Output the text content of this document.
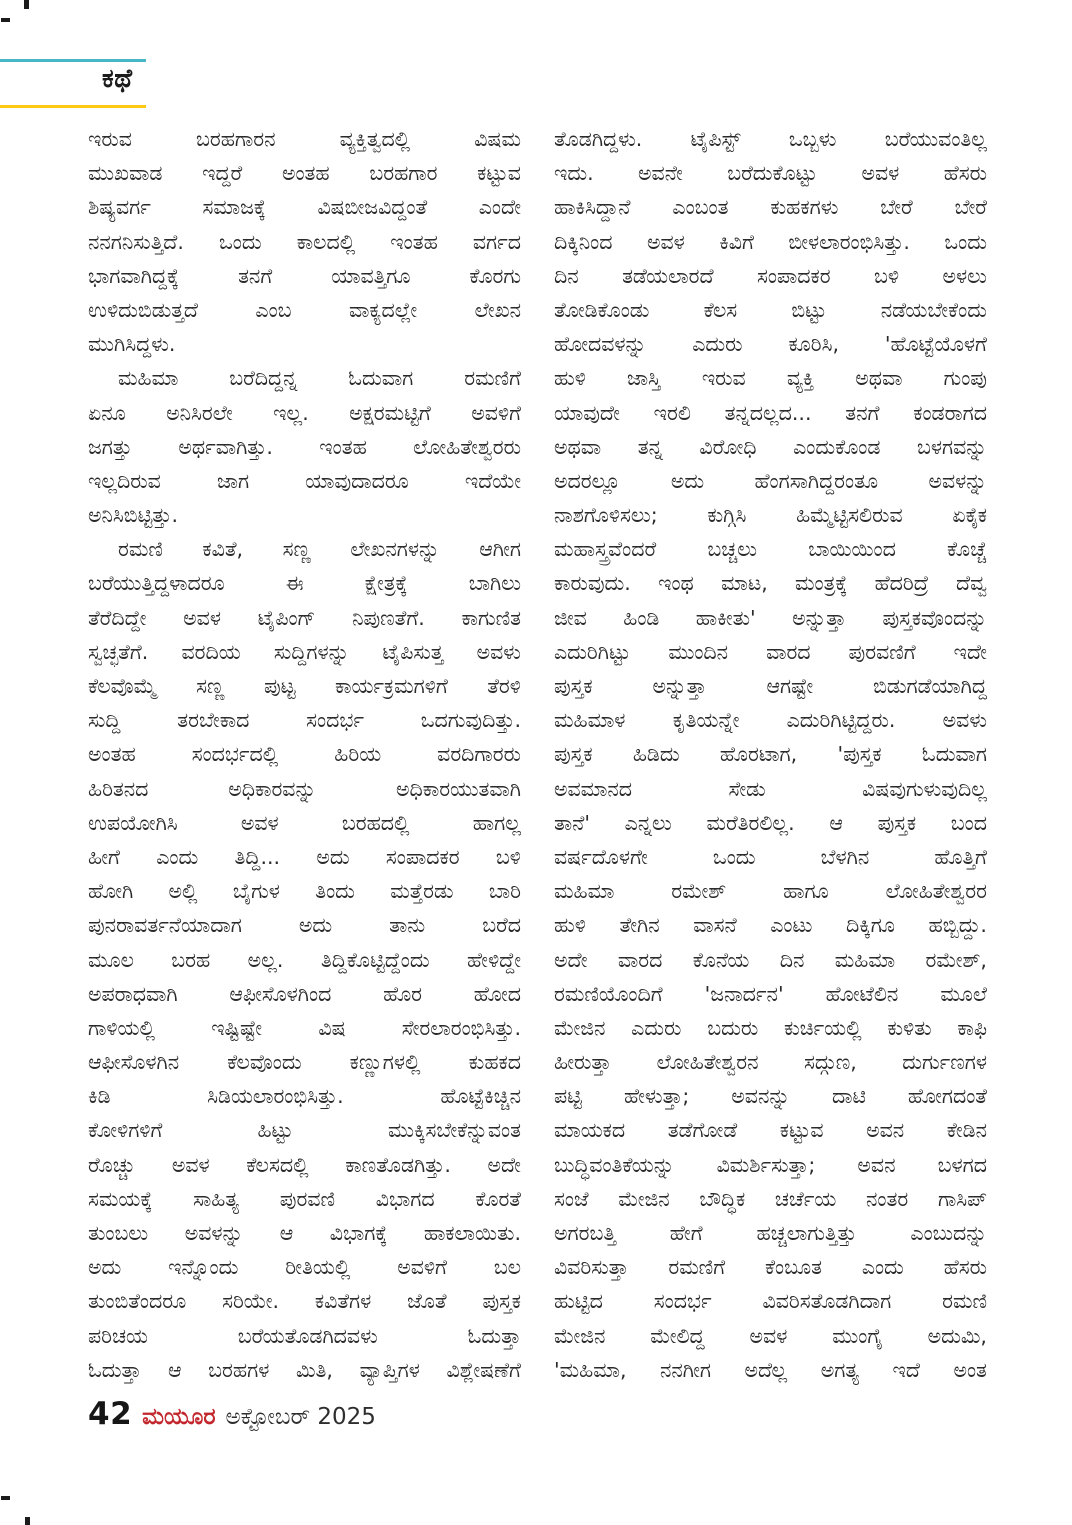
ಕಥೆ
ಇರುವ	ಬರಹಗಾರನ	ವ್ಯಕ್ತಿತ್ವದಲ್ಲಿ	ವಿಷಮ
ಮುಖವಾಡ ಇದ್ದರೆ ಅಂತಹ ಬರಹಗಾರ ಕಟ್ಟುವ
ಶಿಷ್ಯವರ್ಗ	ಸಮಾಜಕ್ಕೆ	ವಿಷಬೀಜವಿದ್ದಂತೆ	ಎಂದೇ
ನನಗನಿಸುತ್ತಿದೆ. ಒಂದು ಕಾಲದಲ್ಲಿ ಇಂತಹ ವರ್ಗದ
ಭಾಗವಾಗಿದ್ದಕ್ಕೆ	ತನಗೆ	ಯಾವತ್ತಿಗೂ	ಕೊರಗು
ಉಳಿದುಬಿಡುತ್ತದೆ	ಎಂಬ	ವಾಕ್ಯದಲ್ಲೇ	ಲೇಖನ
ಮುಗಿಸಿದ್ದಳು.
ಮಹಿಮಾ ಬರೆದಿದ್ದನ್ನ ಓದುವಾಗ ರಮಣಿಗೆ
ಏನೂ ಅನಿಸಿರಲೇ ಇಲ್ಲ. ಅಕ್ಷರಮಟ್ಟಿಗೆ ಅವಳಿಗೆ
ಜಗತ್ತು ಅರ್ಥವಾಗಿತ್ತು. ಇಂತಹ ಲೋಹಿತೇಶ್ವರರು
ಇಲ್ಲದಿರುವ	ಜಾಗ	ಯಾವುದಾದರೂ	ಇದೆಯೇ
ಅನಿಸಿಬಿಟ್ಟಿತ್ತು.
ರಮಣಿ ಕವಿತೆ, ಸಣ್ಣ ಲೇಖನಗಳನ್ನು ಆಗೀಗ
ಬರೆಯುತ್ತಿದ್ದಳಾದರೂ	ಈ	ಕ್ಷೇತ್ರಕ್ಕೆ	ಬಾಗಿಲು
ತೆರೆದಿದ್ದೇ ಅವಳ ಟೈಪಿಂಗ್ ನಿಪುಣತೆಗೆ. ಕಾಗುಣಿತ
ಸ್ವಚ್ಛತೆಗೆ. ವರದಿಯ ಸುದ್ದಿಗಳನ್ನು ಟೈಪಿಸುತ್ತ ಅವಳು
ಕೆಲವೊಮ್ಮೆ ಸಣ್ಣ ಪುಟ್ಟ ಕಾರ್ಯಕ್ರಮಗಳಿಗೆ ತೆರಳಿ
ಸುದ್ದಿ	ತರಬೇಕಾದ	ಸಂದರ್ಭ	ಒದಗುವುದಿತ್ತು.
ಅಂತಹ	ಸಂದರ್ಭದಲ್ಲಿ	ಹಿರಿಯ	ವರದಿಗಾರರು
ಹಿರಿತನದ	ಅಧಿಕಾರವನ್ನು	ಅಧಿಕಾರಯುತವಾಗಿ
ಉಪಯೋಗಿಸಿ	ಅವಳ	ಬರಹದಲ್ಲಿ	ಹಾಗಲ್ಲ
ಹೀಗೆ ಎಂದು ತಿದ್ದಿ... ಅದು ಸಂಪಾದಕರ ಬಳಿ
ಹೋಗಿ ಅಲ್ಲಿ ಬೈಗುಳ ತಿಂದು ಮತ್ತೆರಡು ಬಾರಿ
ಪುನರಾವರ್ತನೆಯಾದಾಗ	ಅದು	ತಾನು	ಬರೆದ
ಮೂಲ ಬರಹ ಅಲ್ಲ. ತಿದ್ದಿಕೊಟ್ಟಿದ್ದೆಂದು ಹೇಳಿದ್ದೇ
ಅಪರಾಧವಾಗಿ	ಆಫೀಸೊಳಗಿಂದ	ಹೊರ	ಹೋದ
ಗಾಳಿಯಲ್ಲಿ	ಇಷ್ಟಿಷ್ಟೇ	ವಿಷ	ಸೇರಲಾರಂಭಿಸಿತ್ತು.
ಆಫೀಸೊಳಗಿನ ಕೆಲವೊಂದು ಕಣ್ಣುಗಳಲ್ಲಿ ಕುಹಕದ
ಕಿಡಿ	ಸಿಡಿಯಲಾರಂಭಿಸಿತ್ತು.	ಹೊಟ್ಟೆಕಿಚ್ಚಿನ
ಕೋಳಿಗಳಿಗೆ	ಹಿಟ್ಟು	ಮುಕ್ಕಿಸಬೇಕೆನ್ನುವಂತ
ರೊಚ್ಚು ಅವಳ ಕೆಲಸದಲ್ಲಿ ಕಾಣತೊಡಗಿತ್ತು. ಅದೇ
ಸಮಯಕ್ಕೆ ಸಾಹಿತ್ಯ ಪುರವಣಿ ವಿಭಾಗದ ಕೊರತೆ
ತುಂಬಲು ಅವಳನ್ನು ಆ ವಿಭಾಗಕ್ಕೆ ಹಾಕಲಾಯಿತು.
ಅದು ಇನ್ನೊಂದು ರೀತಿಯಲ್ಲಿ ಅವಳಿಗೆ ಬಲ
ತುಂಬಿತೆಂದರೂ ಸರಿಯೇ. ಕವಿತೆಗಳ ಜೊತೆ ಪುಸ್ತಕ
ಪರಿಚಯ	ಬರೆಯತೊಡಗಿದವಳು	ಓದುತ್ತಾ
ಓದುತ್ತಾ ಆ ಬರಹಗಳ ಮಿತಿ, ವ್ಯಾಪ್ತಿಗಳ ವಿಶ್ಲೇಷಣೆಗೆ
ತೊಡಗಿದ್ದಳು. ಟೈಪಿಸ್ಟ್ ಒಬ್ಬಳು ಬರೆಯುವಂತಿಲ್ಲ
ಇದು. ಅವನೇ ಬರೆದುಕೊಟ್ಟು ಅವಳ ಹೆಸರು
ಹಾಕಿಸಿದ್ದಾನೆ ಎಂಬಂತ ಕುಹಕಗಳು ಬೇರೆ ಬೇರೆ
ದಿಕ್ಕಿನಿಂದ ಅವಳ ಕಿವಿಗೆ ಬೀಳಲಾರಂಭಿಸಿತ್ತು. ಒಂದು
ದಿನ ತಡೆಯಲಾರದೆ ಸಂಪಾದಕರ ಬಳಿ ಅಳಲು
ತೋಡಿಕೊಂಡು	ಕೆಲಸ	ಬಿಟ್ಟು	ನಡೆಯಬೇಕೆಂದು
ಹೋದವಳನ್ನು ಎದುರು ಕೂರಿಸಿ, 'ಹೊಟ್ಟೆಯೊಳಗೆ
ಹುಳಿ ಜಾಸ್ತಿ ಇರುವ ವ್ಯಕ್ತಿ ಅಥವಾ ಗುಂಪು
ಯಾವುದೇ ಇರಲಿ ತನ್ನದಲ್ಲದ... ತನಗೆ ಕಂಡರಾಗದ
ಅಥವಾ ತನ್ನ ವಿರೋಧಿ ಎಂದುಕೊಂಡ ಬಳಗವನ್ನು
ಅದರಲ್ಲೂ ಅದು ಹೆಂಗಸಾಗಿದ್ದರಂತೂ ಅವಳನ್ನು
ನಾಶಗೊಳಿಸಲು; ಕುಗ್ಗಿಸಿ ಹಿಮ್ಮೆಟ್ಟಿಸಲಿರುವ ಏಕೈಕ
ಮಹಾಸ್ತ್ರವೆಂದರೆ ಬಚ್ಚಲು ಬಾಯಿಯಿಂದ ಕೊಚ್ಚೆ
ಕಾರುವುದು. ಇಂಥ ಮಾಟ, ಮಂತ್ರಕ್ಕೆ ಹೆದರಿದ್ರೆ ದೆವ್ವ
ಜೀವ ಹಿಂಡಿ ಹಾಕೀತು' ಅನ್ನುತ್ತಾ ಪುಸ್ತಕವೊಂದನ್ನು
ಎದುರಿಗಿಟ್ಟು ಮುಂದಿನ ವಾರದ ಪುರವಣಿಗೆ ಇದೇ
ಪುಸ್ತಕ	ಅನ್ನುತ್ತಾ	ಆಗಷ್ಟೇ	ಬಿಡುಗಡೆಯಾಗಿದ್ದ
ಮಹಿಮಾಳ ಕೃತಿಯನ್ನೇ ಎದುರಿಗಿಟ್ಟಿದ್ದರು. ಅವಳು
ಪುಸ್ತಕ ಹಿಡಿದು ಹೊರಟಾಗ, 'ಪುಸ್ತಕ ಓದುವಾಗ
ಅವಮಾನದ	ಸೇಡು	ವಿಷವುಗುಳುವುದಿಲ್ಲ
ತಾನೆ' ಎನ್ನಲು ಮರೆತಿರಲಿಲ್ಲ. ಆ ಪುಸ್ತಕ ಬಂದ
ವರ್ಷದೊಳಗೇ	ಒಂದು	ಬೆಳಗಿನ	ಹೊತ್ತಿಗೆ
ಮಹಿಮಾ	ರಮೇಶ್	ಹಾಗೂ	ಲೋಹಿತೇಶ್ವರರ
ಹುಳಿ ತೇಗಿನ ವಾಸನೆ ಎಂಟು ದಿಕ್ಕಿಗೂ ಹಬ್ಬಿದ್ದು.
ಅದೇ ವಾರದ ಕೊನೆಯ ದಿನ ಮಹಿಮಾ ರಮೇಶ್,
ರಮಣಿಯೊಂದಿಗೆ 'ಜನಾರ್ದನ' ಹೋಟೆಲಿನ ಮೂಲೆ
ಮೇಜಿನ ಎದುರು ಬದುರು ಕುರ್ಚಿಯಲ್ಲಿ ಕುಳಿತು ಕಾಫಿ
ಹೀರುತ್ತಾ ಲೋಹಿತೇಶ್ವರನ ಸದ್ಗುಣ, ದುರ್ಗುಣಗಳ
ಪಟ್ಟಿ ಹೇಳುತ್ತಾ; ಅವನನ್ನು ದಾಟಿ ಹೋಗದಂತೆ
ಮಾಯಕದ ತಡೆಗೋಡೆ ಕಟ್ಟುವ ಅವನ ಕೇಡಿನ
ಬುದ್ಧಿವಂತಿಕೆಯನ್ನು ವಿಮರ್ಶಿಸುತ್ತಾ; ಅವನ ಬಳಗದ
ಸಂಜೆ ಮೇಜಿನ ಬೌದ್ಧಿಕ ಚರ್ಚೆಯ ನಂತರ ಗಾಸಿಪ್
ಅಗರಬತ್ತಿ	ಹೇಗೆ	ಹಚ್ಚಲಾಗುತ್ತಿತ್ತು	ಎಂಬುದನ್ನು
ವಿವರಿಸುತ್ತಾ ರಮಣಿಗೆ ಕೆಂಬೂತ ಎಂದು ಹೆಸರು
ಹುಟ್ಟಿದ ಸಂದರ್ಭ ವಿವರಿಸತೊಡಗಿದಾಗ ರಮಣಿ
ಮೇಜಿನ ಮೇಲಿದ್ದ ಅವಳ ಮುಂಗೈ ಅದುಮಿ,
'ಮಹಿಮಾ, ನನಗೀಗ ಅದೆಲ್ಲ ಅಗತ್ಯ ಇದೆ ಅಂತ
42 ಮಯೂರ ಅಕ್ಟೋಬರ್ 2025
